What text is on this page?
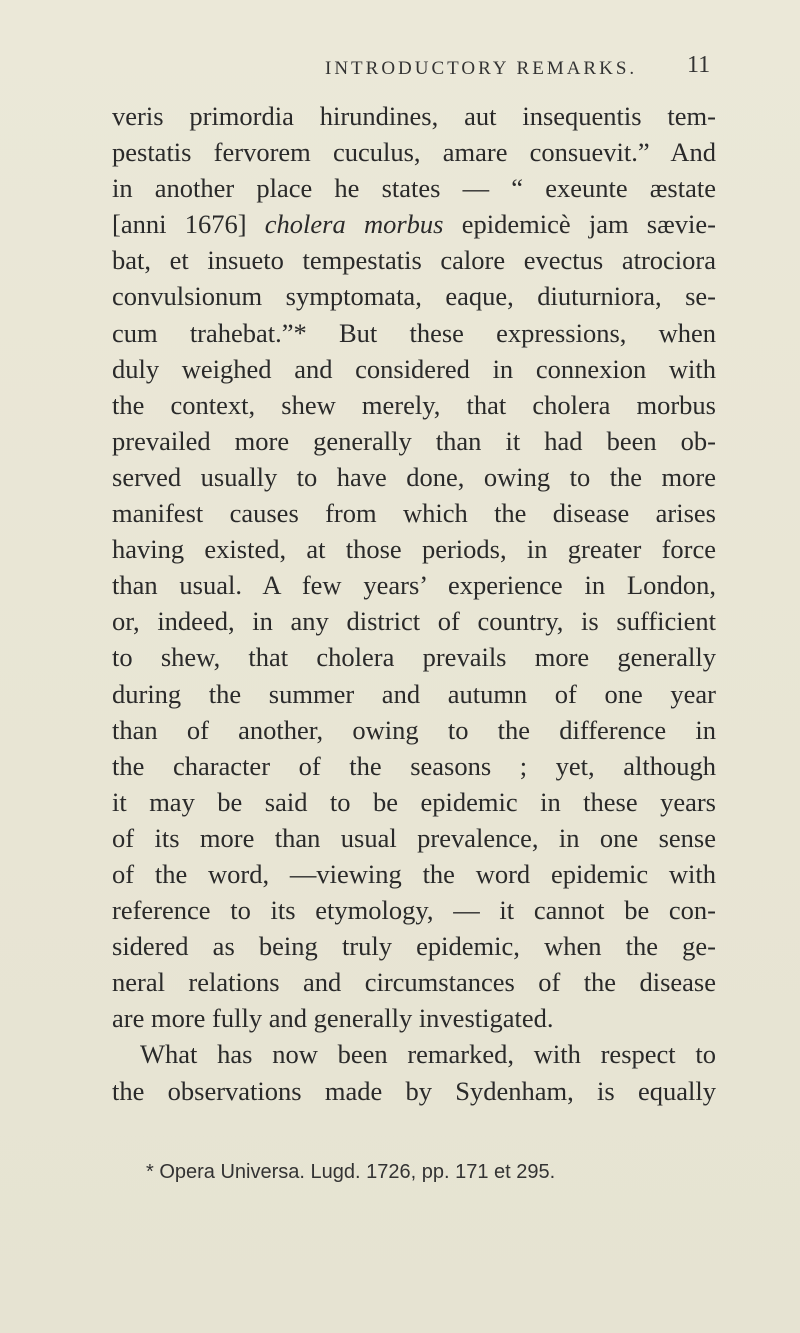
INTRODUCTORY REMARKS. 11
veris primordia hirundines, aut insequentis tem-
pestatis fervorem cuculus, amare consuevit.” And
in another place he states — “ exeunte æstate
[anni 1676] cholera morbus epidemicè jam sævie-
bat, et insueto tempestatis calore evectus atrociora
convulsionum symptomata, eaque, diuturniora, se-
cum trahebat.”* But these expressions, when
duly weighed and considered in connexion with
the context, shew merely, that cholera morbus
prevailed more generally than it had been ob-
served usually to have done, owing to the more
manifest causes from which the disease arises
having existed, at those periods, in greater force
than usual. A few years’ experience in London,
or, indeed, in any district of country, is sufficient
to shew, that cholera prevails more generally
during the summer and autumn of one year
than of another, owing to the difference in
the character of the seasons ; yet, although
it may be said to be epidemic in these years
of its more than usual prevalence, in one sense
of the word, —viewing the word epidemic with
reference to its etymology, — it cannot be con-
sidered as being truly epidemic, when the ge-
neral relations and circumstances of the disease
are more fully and generally investigated.
What has now been remarked, with respect to
the observations made by Sydenham, is equally
* Opera Universa. Lugd. 1726, pp. 171 et 295.
